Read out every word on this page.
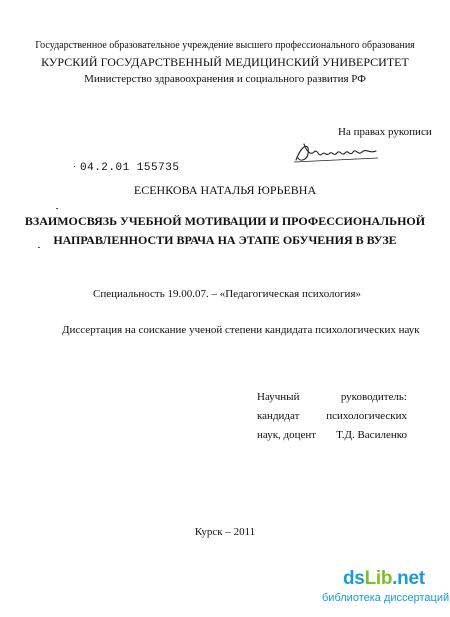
Государственное образовательное учреждение высшего профессионального образования
КУРСКИЙ ГОСУДАРСТВЕННЫЙ МЕДИЦИНСКИЙ УНИВЕРСИТЕТ
Министерство здравоохранения и социального развития РФ
На правах рукописи
04.2.01 155735
ЕСЕНКОВА НАТАЛЬЯ ЮРЬЕВНА
ВЗАИМОСВЯЗЬ УЧЕБНОЙ МОТИВАЦИИ И ПРОФЕССИОНАЛЬНОЙ
НАПРАВЛЕННОСТИ ВРАЧА НА ЭТАПЕ ОБУЧЕНИЯ В ВУЗЕ
Специальность 19.00.07. – «Педагогическая психология»
Диссертация на соискание ученой степени кандидата психологических наук
Научный	руководитель:
кандидат психологических
наук, доцент Т.Д. Василенко
Курск – 2011
dsLib.net
библиотека диссертаций
